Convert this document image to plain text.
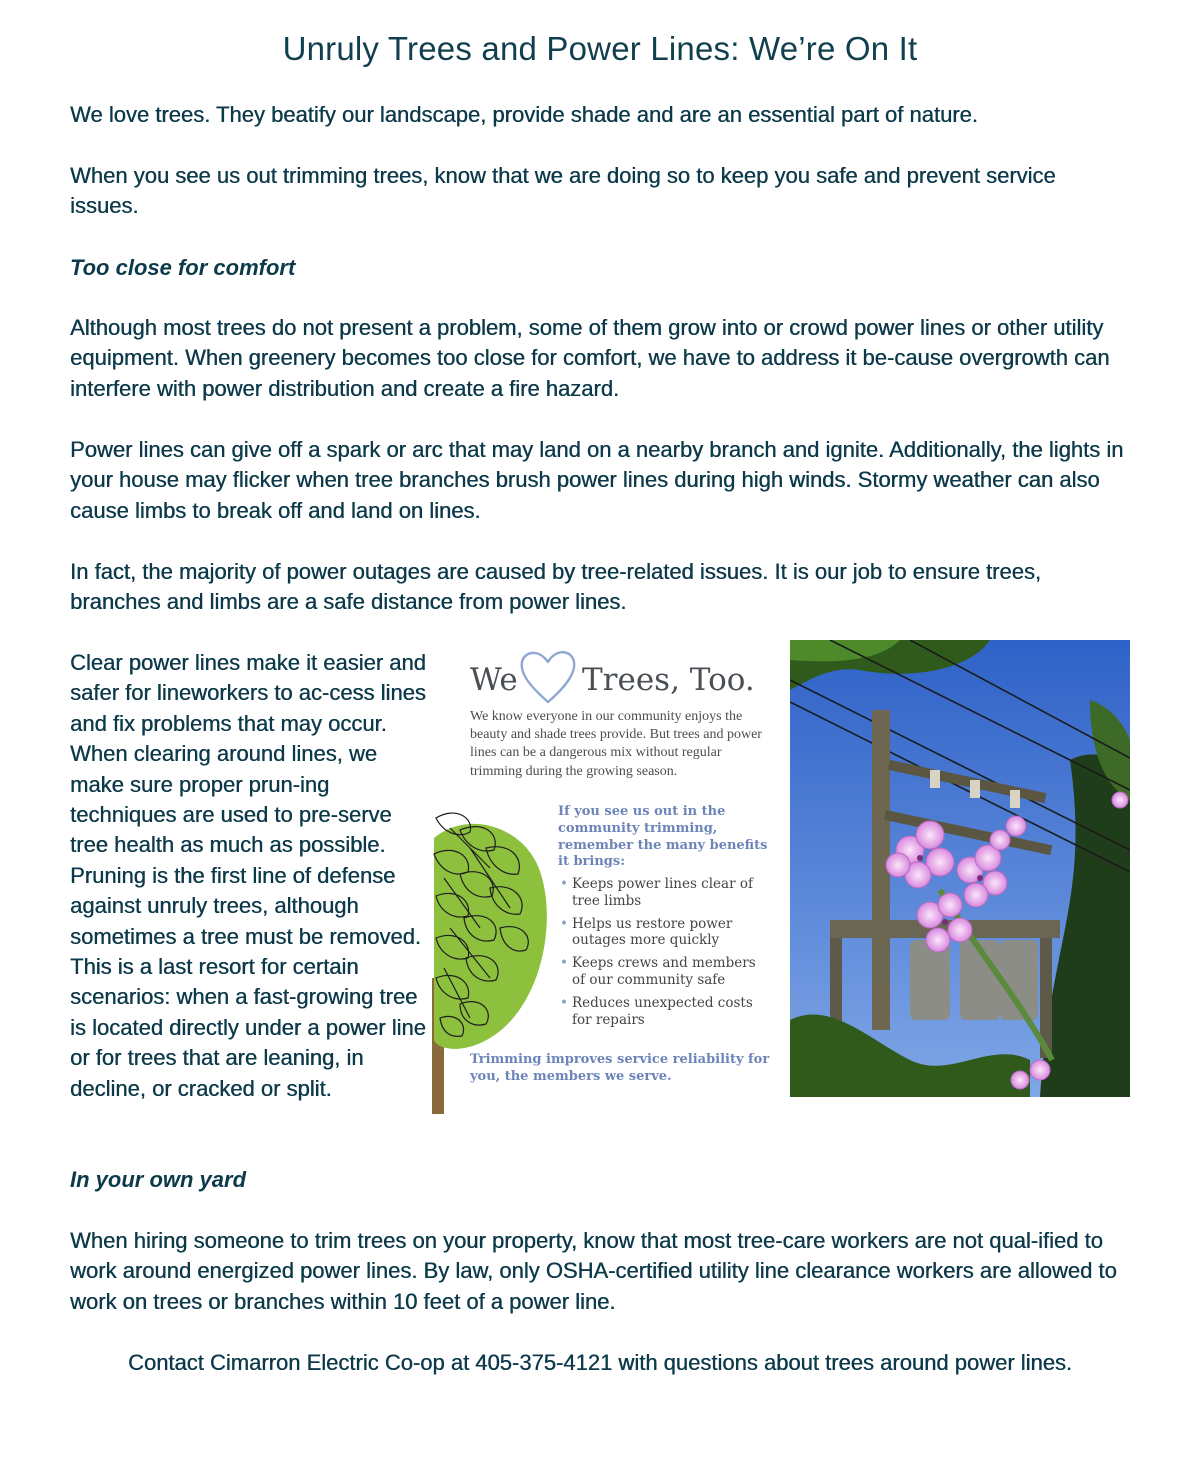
Unruly Trees and Power Lines: We’re On It

We love trees. They beatify our landscape, provide shade and are an essential part of nature.

When you see us out trimming trees, know that we are doing so to keep you safe and prevent service issues.

Too close for comfort

Although most trees do not present a problem, some of them grow into or crowd power lines or other utility equipment. When greenery becomes too close for comfort, we have to address it be-cause overgrowth can interfere with power distribution and create a fire hazard.

Power lines can give off a spark or arc that may land on a nearby branch and ignite. Additionally, the lights in your house may flicker when tree branches brush power lines during high winds. Stormy weather can also cause limbs to break off and land on lines.

In fact, the majority of power outages are caused by tree-related issues. It is our job to ensure trees, branches and limbs are a safe distance from power lines.

Clear power lines make it easier and safer for lineworkers to ac-cess lines and fix problems that may occur. When clearing around lines, we make sure proper prun-ing techniques are used to pre-serve tree health as much as possible. Pruning is the first line of defense against unruly trees, although sometimes a tree must be removed. This is a last resort for certain scenarios: when a fast-growing tree is located directly under a power line or for trees that are leaning, in decline, or cracked or split.

We Trees, Too.

We know everyone in our community enjoys the beauty and shade trees provide. But trees and power lines can be a dangerous mix without regular trimming during the growing season.

If you see us out in the community trimming, remember the many benefits it brings:

• Keeps power lines clear of tree limbs
• Helps us restore power outages more quickly
• Keeps crews and members of our community safe
• Reduces unexpected costs for repairs

Trimming improves service reliability for you, the members we serve.

In your own yard

When hiring someone to trim trees on your property, know that most tree-care workers are not qual-ified to work around energized power lines. By law, only OSHA-certified utility line clearance workers are allowed to work on trees or branches within 10 feet of a power line.

Contact Cimarron Electric Co-op at 405-375-4121 with questions about trees around power lines.
